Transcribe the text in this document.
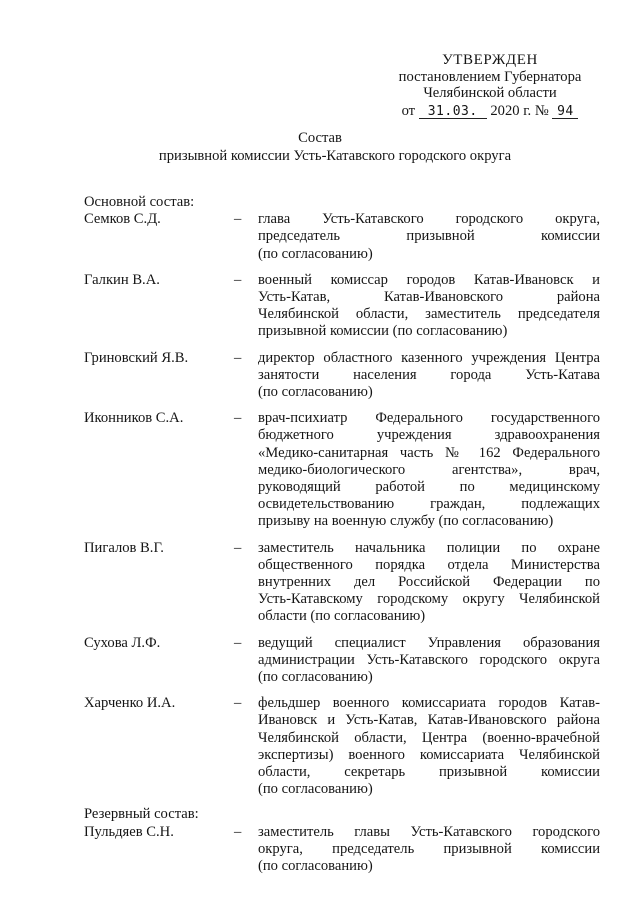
УТВЕРЖДЕН
постановлением Губернатора
Челябинской области
от 31.03. 2020 г. № 94
Состав
призывной комиссии Усть-Катавского городского округа
Основной состав:
Семков С.Д.	–	глава Усть-Катавского городского округа,
председатель призывной комиссии
(по согласованию)
Галкин В.А.	–	военный комиссар городов Катав-Ивановск и
Усть-Катав, Катав-Ивановского района
Челябинской области, заместитель председателя
призывной комиссии (по согласованию)
Гриновский Я.В.	–	директор областного казенного учреждения Центра
занятости населения города Усть-Катава
(по согласованию)
Иконников С.А.	–	врач-психиатр Федерального государственного
бюджетного учреждения здравоохранения
«Медико-санитарная часть № 162 Федерального
медико-биологического агентства», врач,
руководящий работой по медицинскому
освидетельствованию граждан, подлежащих
призыву на военную службу (по согласованию)
Пигалов В.Г.	–	заместитель начальника полиции по охране
общественного порядка отдела Министерства
внутренних дел Российской Федерации по
Усть-Катавскому городскому округу Челябинской
области (по согласованию)
Сухова Л.Ф.	–	ведущий специалист Управления образования
администрации Усть-Катавского городского округа
(по согласованию)
Харченко И.А.	–	фельдшер военного комиссариата городов Катав-
Ивановск и Усть-Катав, Катав-Ивановского района
Челябинской области, Центра (военно-врачебной
экспертизы) военного комиссариата Челябинской
области, секретарь призывной комиссии
(по согласованию)
Резервный состав:
Пульдяев С.Н.	–	заместитель главы Усть-Катавского городского
округа, председатель призывной комиссии
(по согласованию)
